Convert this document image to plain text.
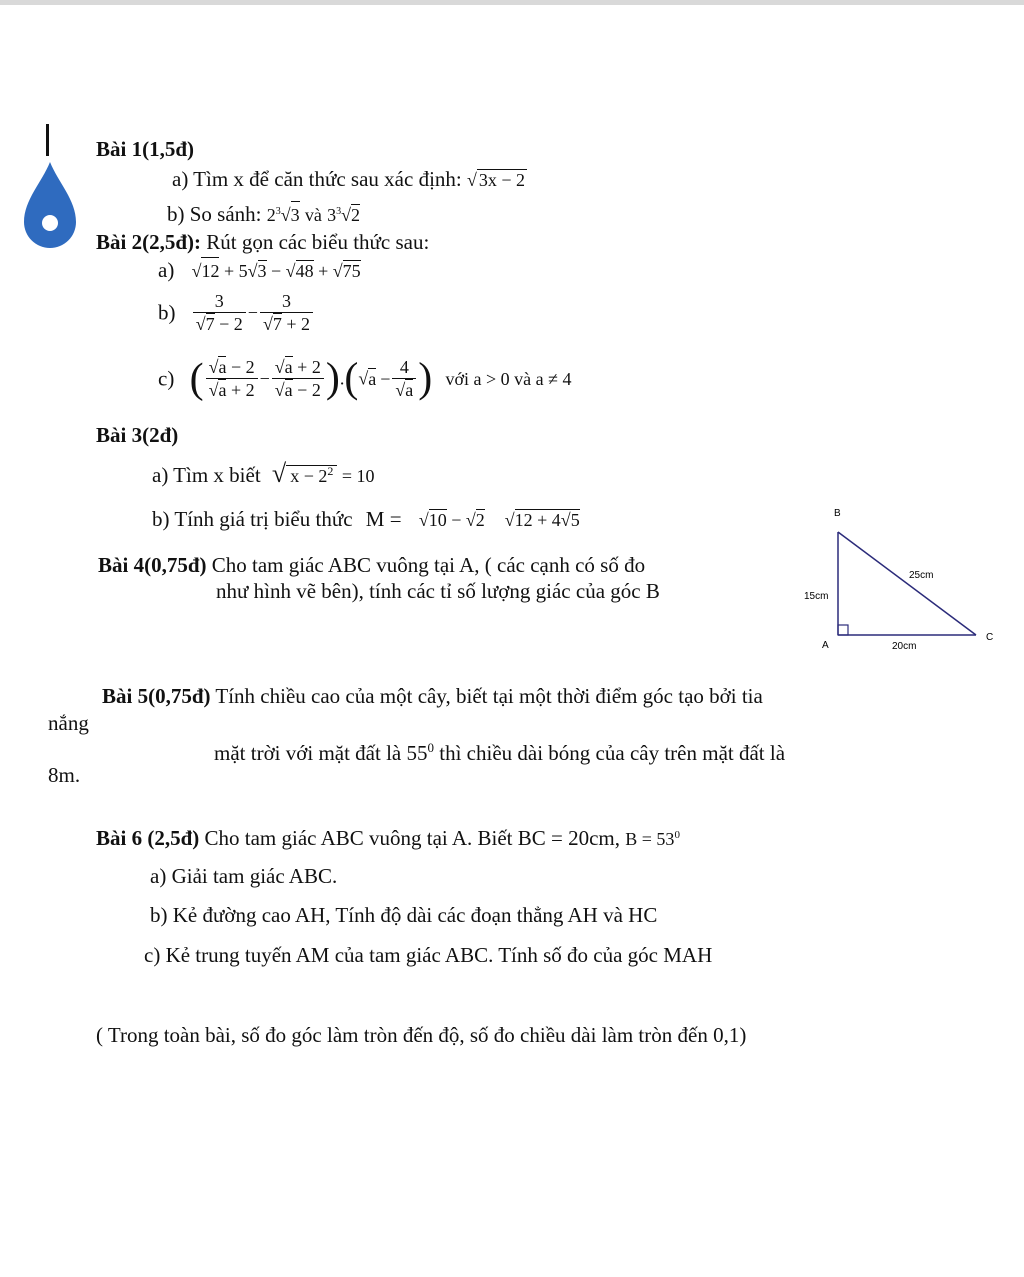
Bài 1(1,5đ)
a) Tìm x để căn thức sau xác định: √ 3x − 2
b) So sánh: $2^3√3$ và $3^3√2$
Bài 2(2,5đ): Rút gọn các biểu thức sau:
a) √12 + 5√3 − √48 + √75
$b) \frac{3}{√7 - 2} - \frac{3}{√7 + 2}$
c) ( $\frac{√a - 2}{√a + 2} - \frac{√a + 2}{√a - 2} ).(√a - \frac{4}{√a}$ ) với a > 0 và a ≠ 4
Bài 3(2đ)
a) Tìm x biết √ $x - 2^2 = 10$
b) Tính giá trị biểu thức M = √10 − √2 √12 + 4√5
Bài 4(0,75đ) Cho tam giác ABC vuông tại A, ( các cạnh có số đo
như hình vẽ bên), tính các tỉ số lượng giác của góc B
B
A
C
15cm
25cm
20cm
Bài 5(0,75đ) Tính chiều cao của một cây, biết tại một thời điểm góc tạo bởi tia
nắng
mặt trời với mặt đất là $55^0$ thì chiều dài bóng của cây trên mặt đất là
8m.
Bài 6 (2,5đ) Cho tam giác ABC vuông tại A. Biết BC = 20cm, $B = 53^0$
a) Giải tam giác ABC.
b) Kẻ đường cao AH, Tính độ dài các đoạn thẳng AH và HC
c) Kẻ trung tuyến AM của tam giác ABC. Tính số đo của góc MAH
( Trong toàn bài, số đo góc làm tròn đến độ, số đo chiều dài làm tròn đến 0,1)
